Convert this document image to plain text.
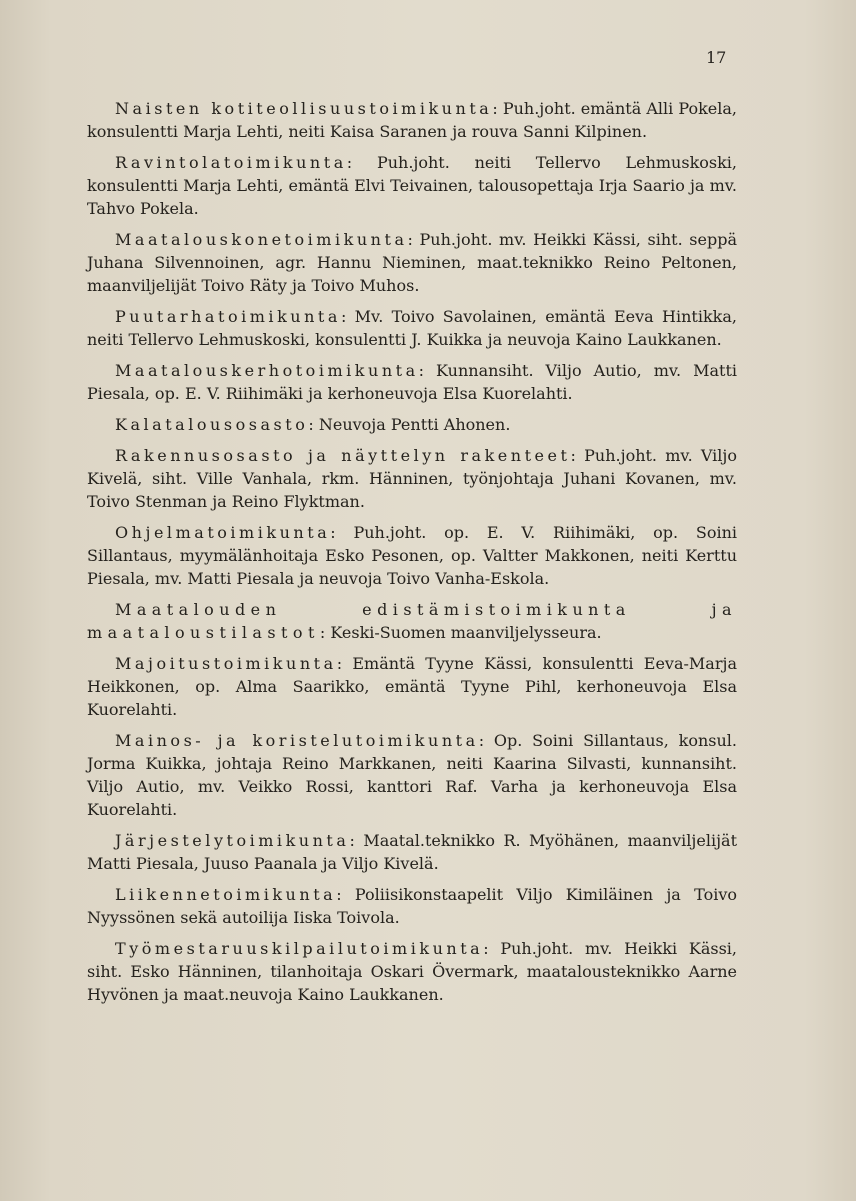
17

Naisten kotiteollisuustoimikunta: Puh.joht. emäntä Alli Pokela, konsulentti Marja Lehti, neiti Kaisa Saranen ja rouva Sanni Kilpinen.

Ravintolatoimikunta: Puh.joht. neiti Tellervo Lehmuskoski, konsulentti Marja Lehti, emäntä Elvi Teivainen, talousopettaja Irja Saario ja mv. Tahvo Pokela.

Maatalouskonetoimikunta: Puh.joht. mv. Heikki Kässi, siht. seppä Juhana Silvennoinen, agr. Hannu Nieminen, maat.teknikko Reino Peltonen, maanviljelijät Toivo Räty ja Toivo Muhos.

Puutarhatoimikunta: Mv. Toivo Savolainen, emäntä Eeva Hintikka, neiti Tellervo Lehmuskoski, konsulentti J. Kuikka ja neuvoja Kaino Laukkanen.

Maatalouskerhotoimikunta: Kunnansiht. Viljo Autio, mv. Matti Piesala, op. E. V. Riihimäki ja kerhoneuvoja Elsa Kuorelahti.

Kalatalousosasto: Neuvoja Pentti Ahonen.

Rakennusosasto ja näyttelyn rakenteet: Puh.joht. mv. Viljo Kivelä, siht. Ville Vanhala, rkm. Hänninen, työnjohtaja Juhani Kovanen, mv. Toivo Stenman ja Reino Flyktman.

Ohjelmatoimikunta: Puh.joht. op. E. V. Riihimäki, op. Soini Sillantaus, myymälänhoitaja Esko Pesonen, op. Valtter Makkonen, neiti Kerttu Piesala, mv. Matti Piesala ja neuvoja Toivo Vanha-Eskola.

Maatalouden edistämistoimikunta ja maataloustilastot: Keski-Suomen maanviljelysseura.

Majoitustoimikunta: Emäntä Tyyne Kässi, konsulentti Eeva-Marja Heikkonen, op. Alma Saarikko, emäntä Tyyne Pihl, kerhoneuvoja Elsa Kuorelahti.

Mainos- ja koristelutoimikunta: Op. Soini Sillantaus, konsul. Jorma Kuikka, johtaja Reino Markkanen, neiti Kaarina Silvasti, kunnansiht. Viljo Autio, mv. Veikko Rossi, kanttori Raf. Varha ja kerhoneuvoja Elsa Kuorelahti.

Järjestelytoimikunta: Maatal.teknikko R. Myöhänen, maanviljelijät Matti Piesala, Juuso Paanala ja Viljo Kivelä.

Liikennetoimikunta: Poliisikonstaapelit Viljo Kimiläinen ja Toivo Nyyssönen sekä autoilija Iiska Toivola.

Työmestaruuskilpailutoimikunta: Puh.joht. mv. Heikki Kässi, siht. Esko Hänninen, tilanhoitaja Oskari Övermark, maatalousteknikko Aarne Hyvönen ja maat.neuvoja Kaino Laukkanen.
